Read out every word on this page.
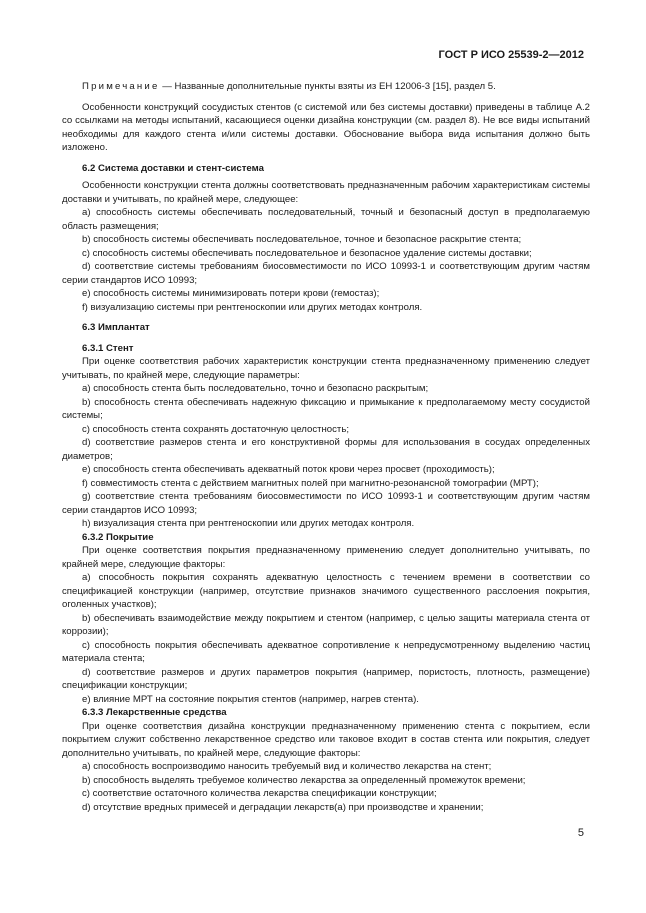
ГОСТ Р ИСО 25539-2—2012

Примечание — Названные дополнительные пункты взяты из ЕН 12006-3 [15], раздел 5.

Особенности конструкций сосудистых стентов (с системой или без системы доставки) приведены в таблице А.2 со ссылками на методы испытаний, касающиеся оценки дизайна конструкции (см. раздел 8). Не все виды испытаний необходимы для каждого стента и/или системы доставки. Обоснование выбора вида испытания должно быть изложено.

6.2 Система доставки и стент-система

Особенности конструкции стента должны соответствовать предназначенным рабочим характеристикам системы доставки и учитывать, по крайней мере, следующее:

a) способность системы обеспечивать последовательный, точный и безопасный доступ в предполагаемую область размещения;

b) способность системы обеспечивать последовательное, точное и безопасное раскрытие стента;

c) способность системы обеспечивать последовательное и безопасное удаление системы доставки;

d) соответствие системы требованиям биосовместимости по ИСО 10993-1 и соответствующим другим частям серии стандартов ИСО 10993;

e) способность системы минимизировать потери крови (гемостаз);

f) визуализацию системы при рентгеноскопии или других методах контроля.

6.3 Имплантат

6.3.1 Стент

При оценке соответствия рабочих характеристик конструкции стента предназначенному применению следует учитывать, по крайней мере, следующие параметры:

a) способность стента быть последовательно, точно и безопасно раскрытым;

b) способность стента обеспечивать надежную фиксацию и примыкание к предполагаемому месту сосудистой системы;

c) способность стента сохранять достаточную целостность;

d) соответствие размеров стента и его конструктивной формы для использования в сосудах определенных диаметров;

e) способность стента обеспечивать адекватный поток крови через просвет (проходимость);

f) совместимость стента с действием магнитных полей при магнитно-резонансной томографии (МРТ);

g) соответствие стента требованиям биосовместимости по ИСО 10993-1 и соответствующим другим частям серии стандартов ИСО 10993;

h) визуализация стента при рентгеноскопии или других методах контроля.

6.3.2 Покрытие

При оценке соответствия покрытия предназначенному применению следует дополнительно учитывать, по крайней мере, следующие факторы:

a) способность покрытия сохранять адекватную целостность с течением времени в соответствии со спецификацией конструкции (например, отсутствие признаков значимого существенного расслоения покрытия, оголенных участков);

b) обеспечивать взаимодействие между покрытием и стентом (например, с целью защиты материала стента от коррозии);

c) способность покрытия обеспечивать адекватное сопротивление к непредусмотренному выделению частиц материала стента;

d) соответствие размеров и других параметров покрытия (например, пористость, плотность, размещение) спецификации конструкции;

e) влияние МРТ на состояние покрытия стентов (например, нагрев стента).

6.3.3 Лекарственные средства

При оценке соответствия дизайна конструкции предназначенному применению стента с покрытием, если покрытием служит собственно лекарственное средство или таковое входит в состав стента или покрытия, следует дополнительно учитывать, по крайней мере, следующие факторы:

a) способность воспроизводимо наносить требуемый вид и количество лекарства на стент;

b) способность выделять требуемое количество лекарства за определенный промежуток времени;

c) соответствие остаточного количества лекарства спецификации конструкции;

d) отсутствие вредных примесей и деградации лекарств(а) при производстве и хранении;

5
